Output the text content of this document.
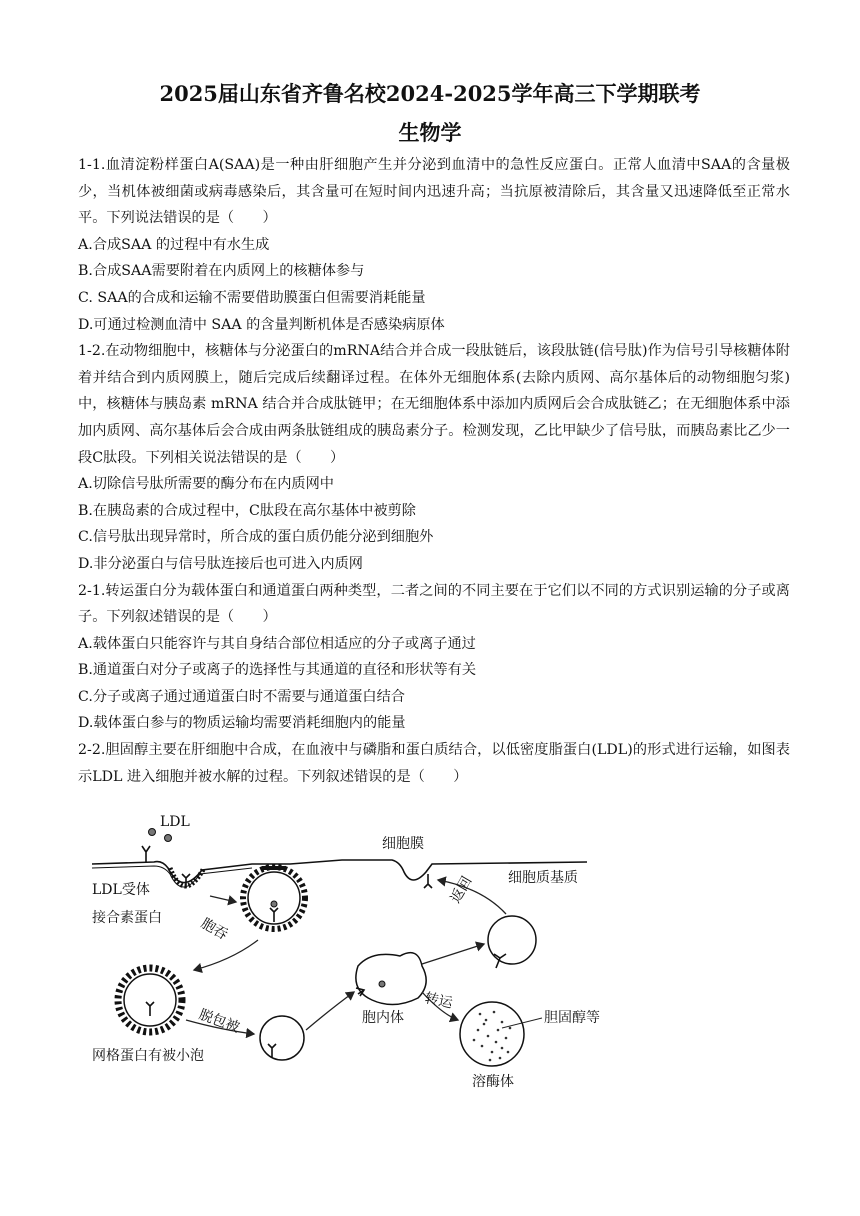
2025届山东省齐鲁名校2024-2025学年高三下学期联考
生物学

1-1.血清淀粉样蛋白A(SAA)是一种由肝细胞产生并分泌到血清中的急性反应蛋白。正常人血清中SAA的含量极少，当机体被细菌或病毒感染后，其含量可在短时间内迅速升高；当抗原被清除后，其含量又迅速降低至正常水平。下列说法错误的是（　　）

A.合成SAA 的过程中有水生成

B.合成SAA需要附着在内质网上的核糖体参与

C. SAA的合成和运输不需要借助膜蛋白但需要消耗能量

D.可通过检测血清中 SAA 的含量判断机体是否感染病原体

1-2.在动物细胞中，核糖体与分泌蛋白的mRNA结合并合成一段肽链后，该段肽链(信号肽)作为信号引导核糖体附着并结合到内质网膜上，随后完成后续翻译过程。在体外无细胞体系(去除内质网、高尔基体后的动物细胞匀浆)中，核糖体与胰岛素 mRNA 结合并合成肽链甲；在无细胞体系中添加内质网后会合成肽链乙；在无细胞体系中添加内质网、高尔基体后会合成由两条肽链组成的胰岛素分子。检测发现，乙比甲缺少了信号肽，而胰岛素比乙少一段C肽段。下列相关说法错误的是（　　）

A.切除信号肽所需要的酶分布在内质网中

B.在胰岛素的合成过程中，C肽段在高尔基体中被剪除

C.信号肽出现异常时，所合成的蛋白质仍能分泌到细胞外

D.非分泌蛋白与信号肽连接后也可进入内质网

2-1.转运蛋白分为载体蛋白和通道蛋白两种类型，二者之间的不同主要在于它们以不同的方式识别运输的分子或离子。下列叙述错误的是（　　）

A.载体蛋白只能容许与其自身结合部位相适应的分子或离子通过

B.通道蛋白对分子或离子的选择性与其通道的直径和形状等有关

C.分子或离子通过通道蛋白时不需要与通道蛋白结合

D.载体蛋白参与的物质运输均需要消耗细胞内的能量

2-2.胆固醇主要在肝细胞中合成，在血液中与磷脂和蛋白质结合，以低密度脂蛋白(LDL)的形式进行运输，如图表示LDL 进入细胞并被水解的过程。下列叙述错误的是（　　）

LDL
LDL受体
接合素蛋白
细胞膜
细胞质基质
胞吞
返回
脱包被
网格蛋白有被小泡
胞内体
转运
胆固醇等
溶酶体
